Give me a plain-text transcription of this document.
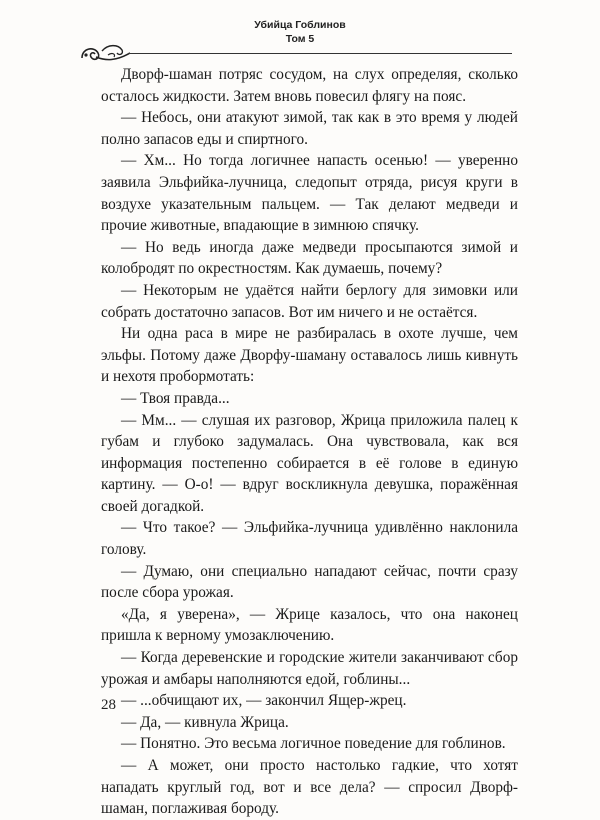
Убийца Гоблинов
Том 5

Дворф-шаман потряс сосудом, на слух определяя, сколько осталось жидкости. Затем вновь повесил флягу на пояс.

— Небось, они атакуют зимой, так как в это время у людей полно запасов еды и спиртного.

— Хм... Но тогда логичнее напасть осенью! — уверенно заявила Эльфийка-лучница, следопыт отряда, рисуя круги в воздухе указательным пальцем. — Так делают медведи и прочие животные, впадающие в зимнюю спячку.

— Но ведь иногда даже медведи просыпаются зимой и колобродят по окрестностям. Как думаешь, почему?

— Некоторым не удаётся найти берлогу для зимовки или собрать достаточно запасов. Вот им ничего и не остаётся.

Ни одна раса в мире не разбиралась в охоте лучше, чем эльфы. Потому даже Дворфу-шаману оставалось лишь кивнуть и нехотя пробормотать:

— Твоя правда...

— Мм... — слушая их разговор, Жрица приложила палец к губам и глубоко задумалась. Она чувствовала, как вся информация постепенно собирается в её голове в единую картину. — О-о! — вдруг воскликнула девушка, поражённая своей догадкой.

— Что такое? — Эльфийка-лучница удивлённо наклонила голову.

— Думаю, они специально нападают сейчас, почти сразу после сбора урожая.

«Да, я уверена», — Жрице казалось, что она наконец пришла к верному умозаключению.

— Когда деревенские и городские жители заканчивают сбор урожая и амбары наполняются едой, гоблины...

— ...обчищают их, — закончил Ящер-жрец.

— Да, — кивнула Жрица.

— Понятно. Это весьма логичное поведение для гоблинов.

— А может, они просто настолько гадкие, что хотят нападать круглый год, вот и все дела? — спросил Дворф-шаман, поглаживая бороду.

28
